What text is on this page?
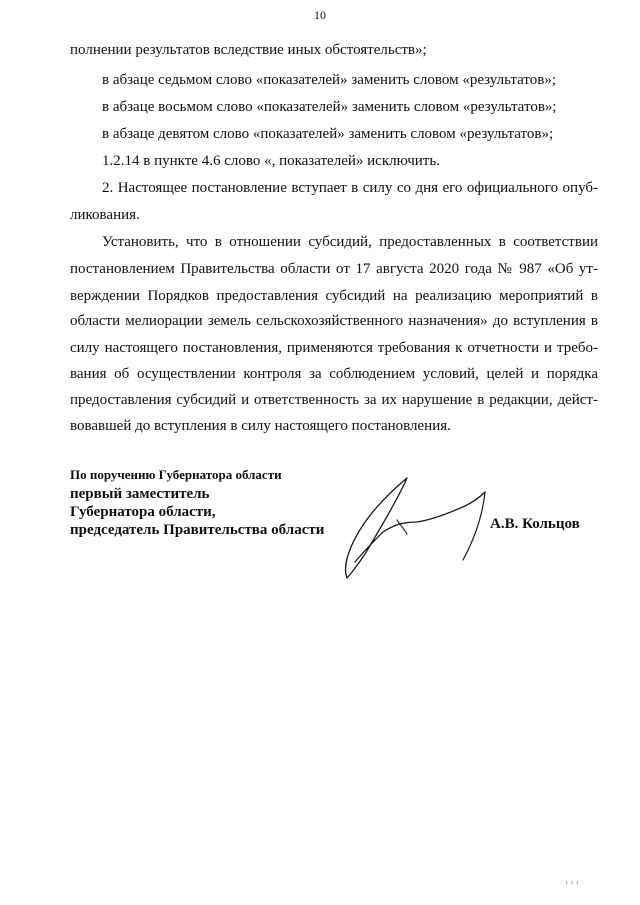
10
полнении результатов вследствие иных обстоятельств»;
в абзаце седьмом слово «показателей» заменить словом «результатов»;
в абзаце восьмом слово «показателей» заменить словом «результатов»;
в абзаце девятом слово «показателей» заменить словом «результатов»;
1.2.14 в пункте 4.6 слово «, показателей» исключить.
2. Настоящее постановление вступает в силу со дня его официального опуб-
ликования.
Установить, что в отношении субсидий, предоставленных в соответствии
постановлением Правительства области от 17 августа 2020 года № 987 «Об ут-
верждении Порядков предоставления субсидий на реализацию мероприятий в
области мелиорации земель сельскохозяйственного назначения» до вступления в
силу настоящего постановления, применяются требования к отчетности и требо-
вания об осуществлении контроля за соблюдением условий, целей и порядка
предоставления субсидий и ответственность за их нарушение в редакции, дейст-
вовавшей до вступления в силу настоящего постановления.
По поручению Губернатора области
первый заместитель
Губернатора области,
председатель Правительства области	А.В. Кольцов
ı ı ı
